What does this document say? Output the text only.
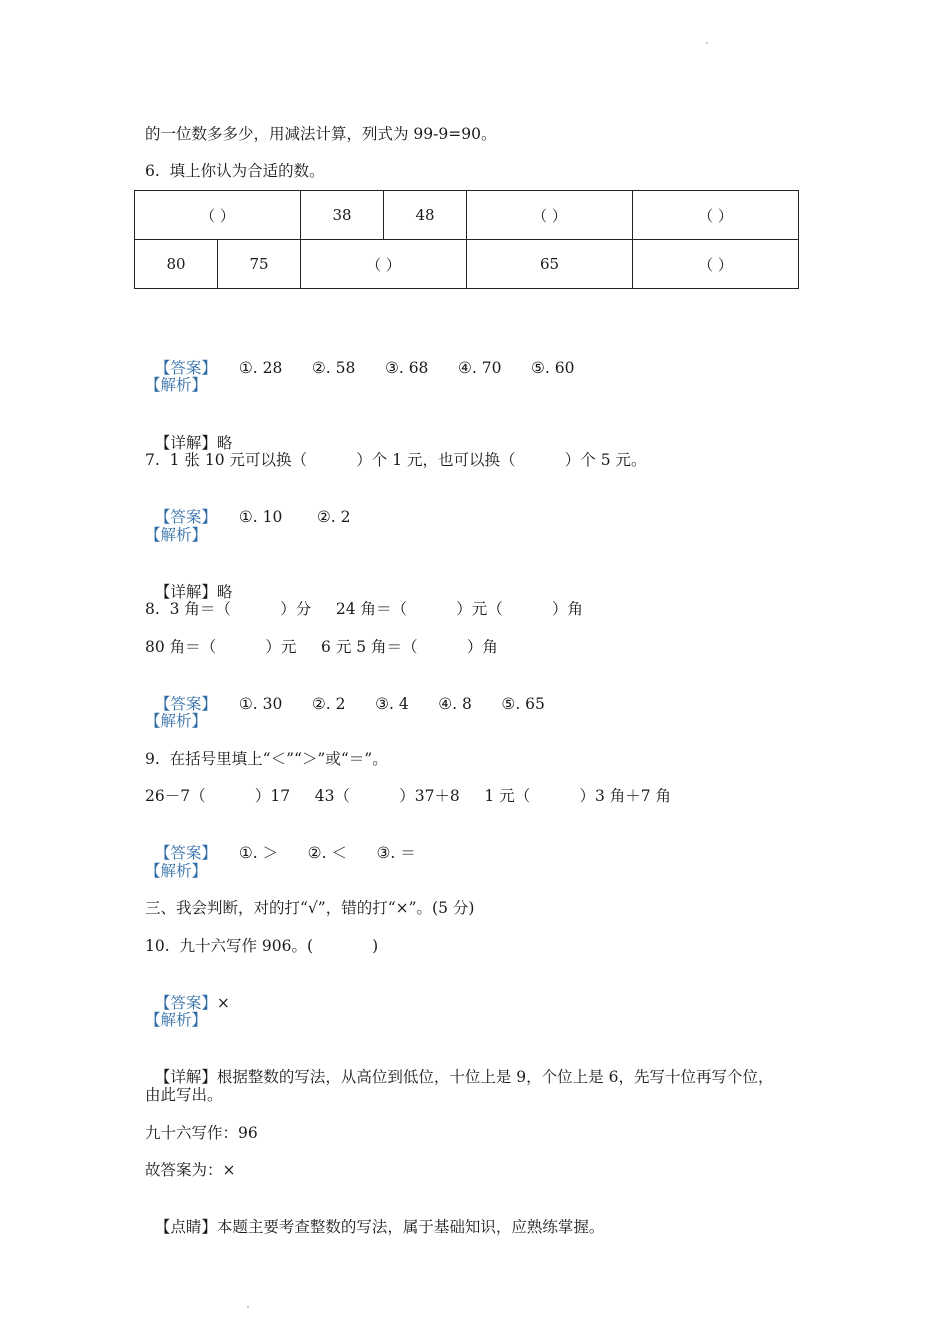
的一位数多多少，用减法计算，列式为 99-9=90。
6.  填上你认为合适的数。
（ ）		38	48	（ ）	（ ）
80	75	（ ）		65	（ ）

【答案】 ①. 28      ②. 58      ③. 68      ④. 70      ⑤. 60

【解析】

【详解】略

7.  1 张 10 元可以换（          ）个 1 元，也可以换（          ）个 5 元。

【答案】 ①. 10       ②. 2

【解析】

【详解】略

8.  3 角＝（          ）分     24 角＝（          ）元（          ）角
80 角＝（          ）元     6 元 5 角＝（          ）角

【答案】 ①. 30      ②. 2      ③. 4      ④. 8      ⑤. 65

【解析】
9.  在括号里填上“＜”“＞”或“＝”。
26－7（          ）17     43（          ）37＋8     1 元（          ）3 角＋7 角

【答案】 ①. ＞      ②. ＜      ③. ＝

【解析】
三、我会判断，对的打“√”，错的打“×”。(5 分)
10.  九十六写作 906。(            )

【答案】×

【解析】

【详解】根据整数的写法，从高位到低位，十位上是 9，个位上是 6，先写十位再写个位，

由此写出。
九十六写作：96
故答案为：×

【点睛】本题主要考查整数的写法，属于基础知识，应熟练掌握。
